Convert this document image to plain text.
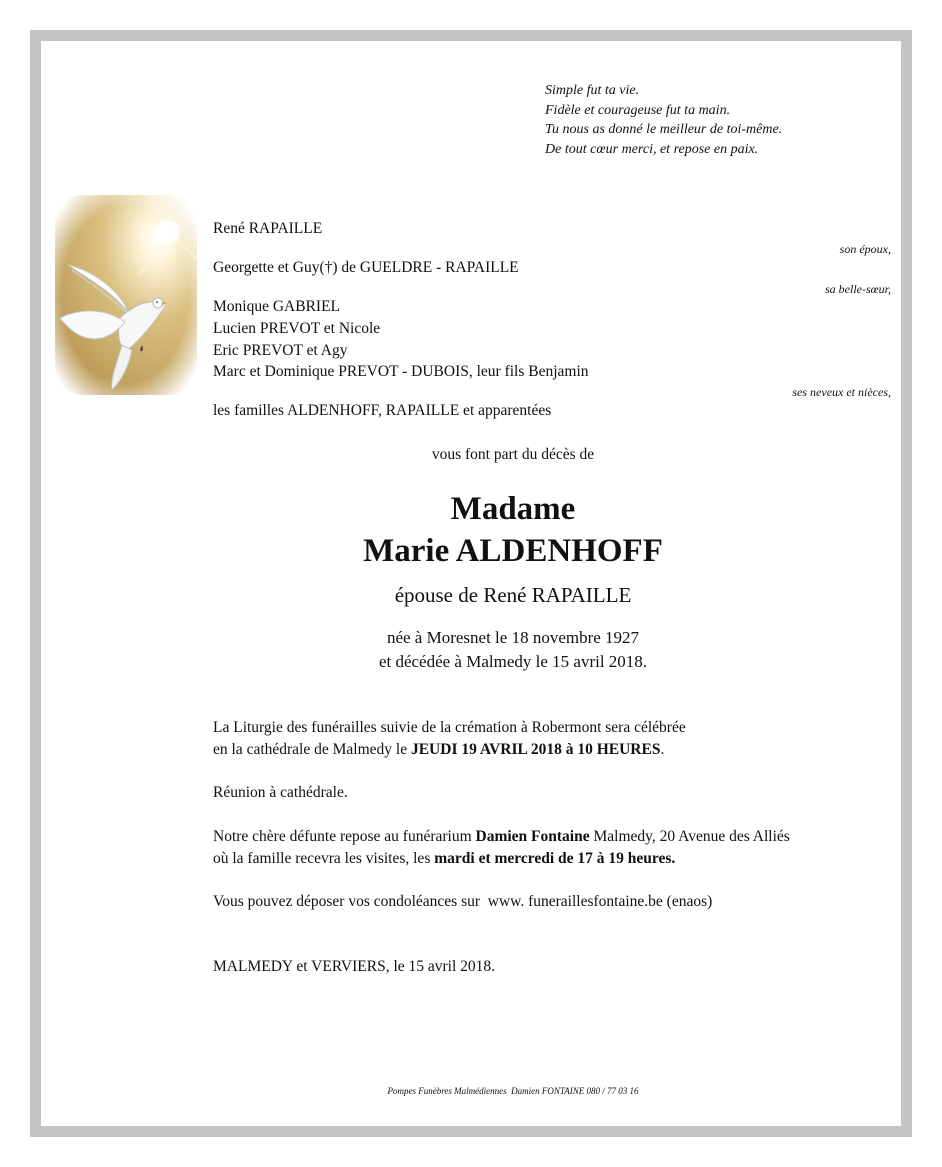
Simple fut ta vie.
Fidèle et courageuse fut ta main.
Tu nous as donné le meilleur de toi-même.
De tout cœur merci, et repose en paix.
René RAPAILLE
son époux,
Georgette et Guy(†) de GUELDRE - RAPAILLE
sa belle-sœur,
Monique GABRIEL
Lucien PREVOT et Nicole
Eric PREVOT et Agy
Marc et Dominique PREVOT - DUBOIS, leur fils Benjamin
ses neveux et nièces,
les familles ALDENHOFF, RAPAILLE et apparentées
vous font part du décès de
Madame
Marie ALDENHOFF
épouse de René RAPAILLE
née à Moresnet le 18 novembre 1927
et décédée à Malmedy le 15 avril 2018.
La Liturgie des funérailles suivie de la crémation à Robermont sera célébrée
en la cathédrale de Malmedy le JEUDI 19 AVRIL 2018 à 10 HEURES.
Réunion à cathédrale.
Notre chère défunte repose au funérarium Damien Fontaine Malmedy, 20 Avenue des Alliés
où la famille recevra les visites, les mardi et mercredi de 17 à 19 heures.
Vous pouvez déposer vos condoléances sur  www. funeraillesfontaine.be (enaos)
MALMEDY et VERVIERS, le 15 avril 2018.
Pompes Funèbres Malmédiennes  Damien FONTAINE 080 / 77 03 16
